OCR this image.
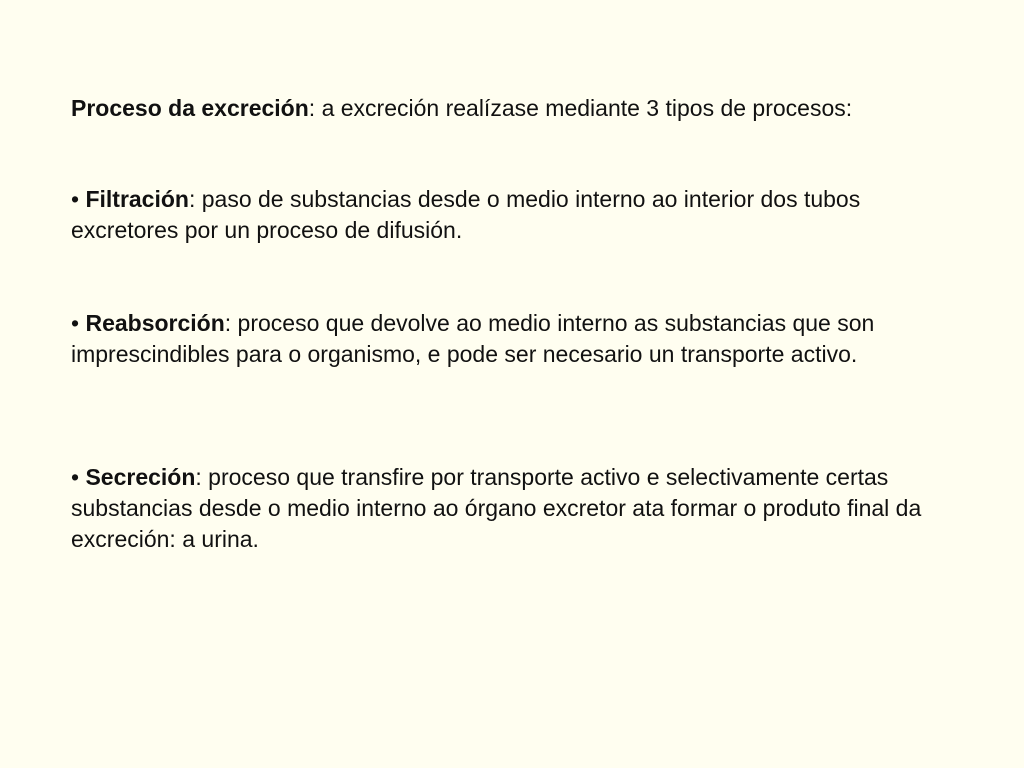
Proceso da excreción: a excreción realízase mediante 3 tipos de procesos:

• Filtración: paso de substancias desde o medio interno ao interior dos tubos excretores por un proceso de difusión.

• Reabsorción: proceso que devolve ao medio interno as substancias que son imprescindibles para o organismo, e pode ser necesario un transporte activo.

• Secreción: proceso que transfire por transporte activo e selectivamente certas substancias desde o medio interno ao órgano excretor ata formar o produto final da excreción: a urina.
